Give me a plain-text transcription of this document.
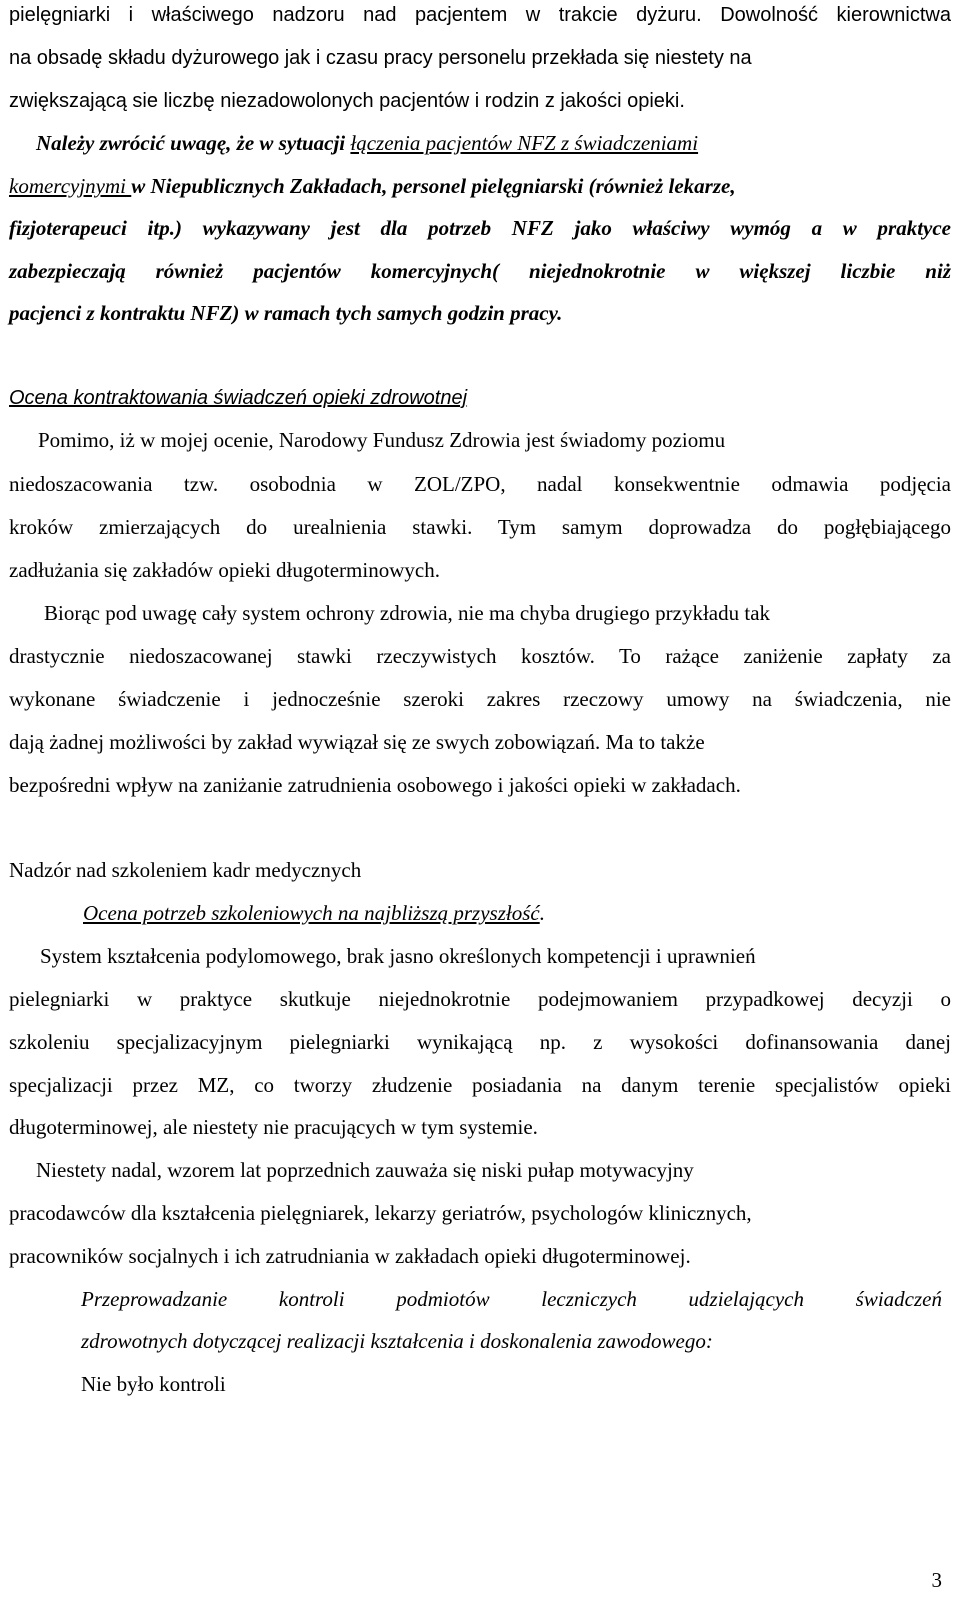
pielęgniarki i właściwego nadzoru nad pacjentem w trakcie dyżuru. Dowolność kierownictwa
na obsadę składu dyżurowego jak i czasu pracy personelu przekłada się niestety na
zwiększającą sie liczbę niezadowolonych pacjentów i rodzin z jakości opieki.
Należy zwrócić uwagę, że w sytuacji łączenia pacjentów NFZ z świadczeniami
komercyjnymi w Niepublicznych Zakładach, personel pielęgniarski (również lekarze,
fizjoterapeuci itp.) wykazywany jest dla potrzeb NFZ jako właściwy wymóg a w praktyce
zabezpieczają również pacjentów komercyjnych( niejednokrotnie w większej liczbie niż
pacjenci z kontraktu NFZ) w ramach tych samych godzin pracy.
Ocena kontraktowania świadczeń opieki zdrowotnej
Pomimo, iż w mojej ocenie, Narodowy Fundusz Zdrowia jest świadomy poziomu
niedoszacowania tzw. osobodnia w ZOL/ZPO, nadal konsekwentnie odmawia podjęcia
kroków zmierzających do urealnienia stawki. Tym samym doprowadza do pogłębiającego
zadłużania się zakładów opieki długoterminowych.
Biorąc pod uwagę cały system ochrony zdrowia, nie ma chyba drugiego przykładu tak
drastycznie niedoszacowanej stawki rzeczywistych kosztów. To rażące zaniżenie zapłaty za
wykonane świadczenie i jednocześnie szeroki zakres rzeczowy umowy na świadczenia, nie
dają żadnej możliwości by zakład wywiązał się ze swych zobowiązań. Ma to także
bezpośredni wpływ na zaniżanie zatrudnienia osobowego i jakości opieki w zakładach.
Nadzór nad szkoleniem kadr medycznych
Ocena potrzeb szkoleniowych na najbliższą przyszłość.
System kształcenia podylomowego, brak jasno określonych kompetencji i uprawnień
pielegniarki w praktyce skutkuje niejednokrotnie podejmowaniem przypadkowej decyzji o
szkoleniu specjalizacyjnym pielegniarki wynikającą np. z wysokości dofinansowania danej
specjalizacji przez MZ, co tworzy złudzenie posiadania na danym terenie specjalistów opieki
długoterminowej, ale niestety nie pracujących w tym systemie.
Niestety nadal, wzorem lat poprzednich zauważa się niski pułap motywacyjny
pracodawców dla kształcenia pielęgniarek, lekarzy geriatrów, psychologów klinicznych,
pracowników socjalnych i ich zatrudniania w zakładach opieki długoterminowej.
Przeprowadzanie kontroli podmiotów leczniczych udzielających świadczeń
zdrowotnych dotyczącej realizacji kształcenia i doskonalenia zawodowego:
Nie było kontroli
3
